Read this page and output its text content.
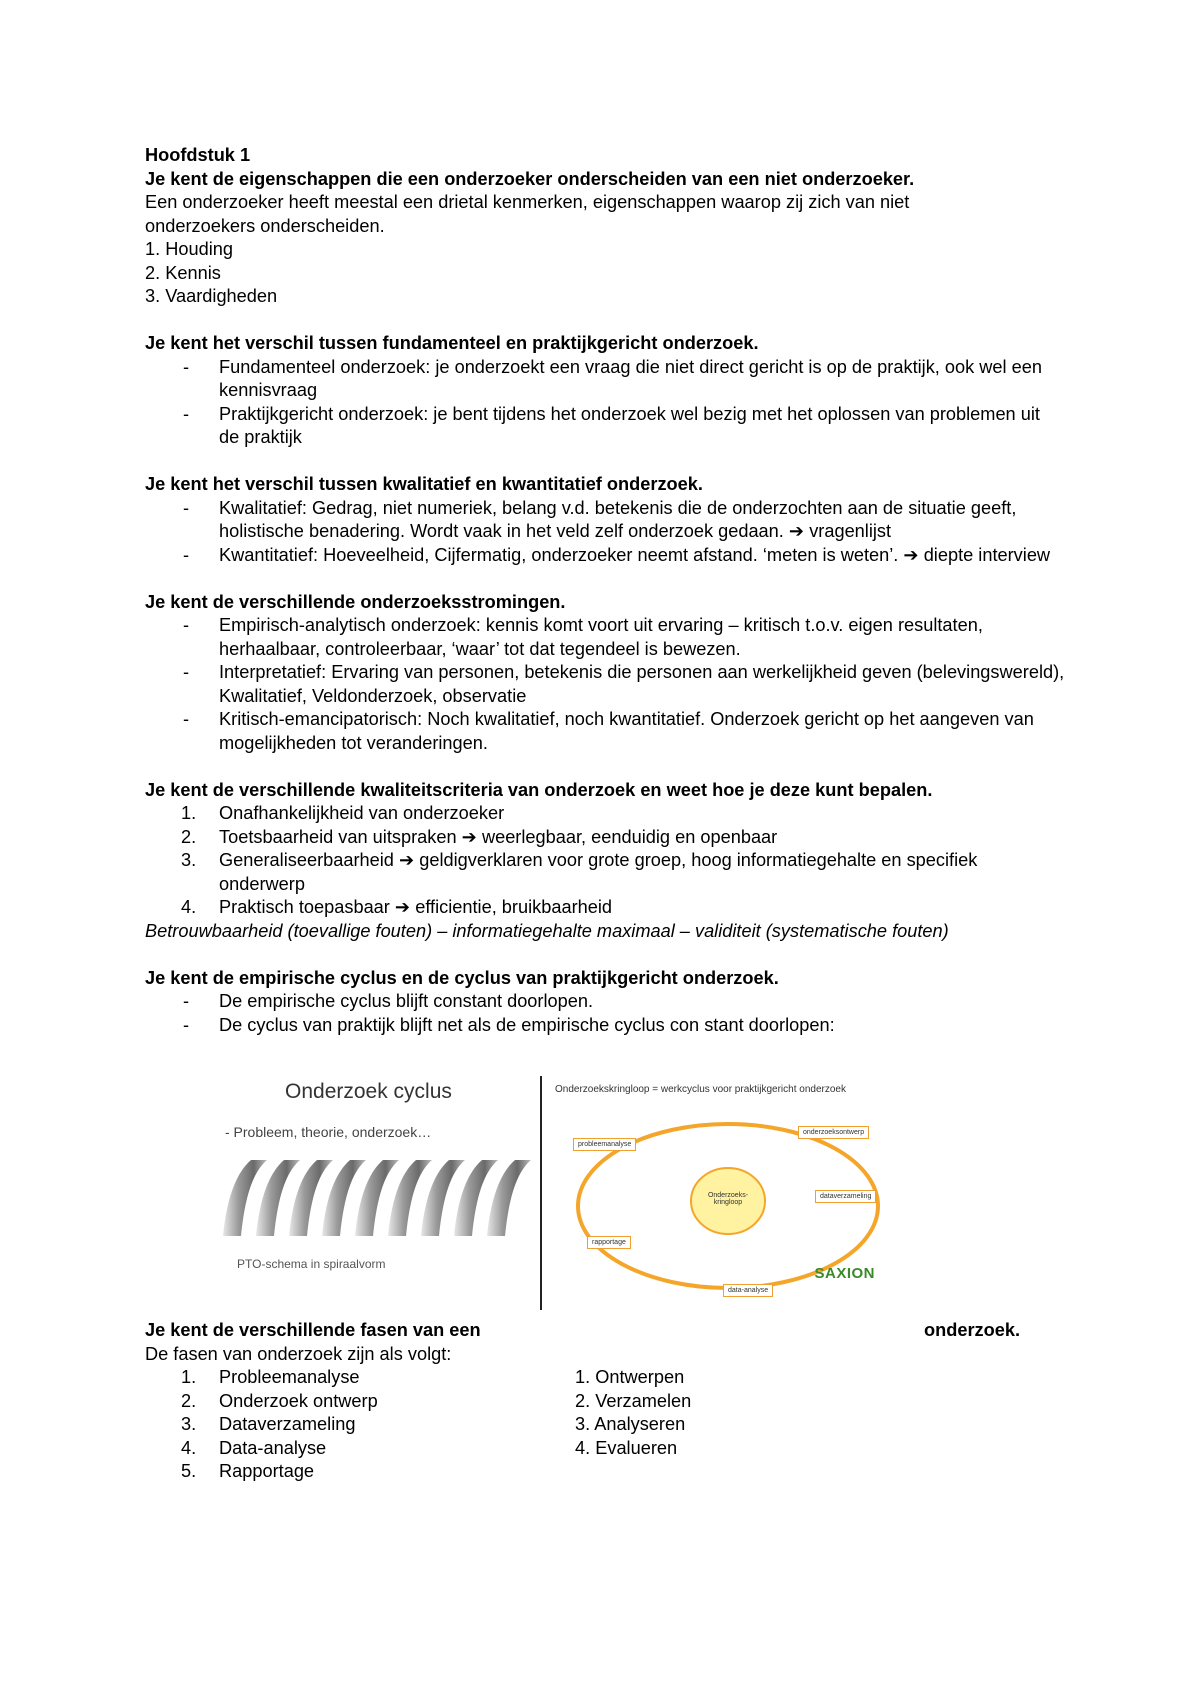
Hoofdstuk 1
Je kent de eigenschappen die een onderzoeker onderscheiden van een niet onderzoeker.
Een onderzoeker heeft meestal een drietal kenmerken, eigenschappen waarop zij zich van niet
onderzoekers onderscheiden.
1. Houding
2. Kennis
3. Vaardigheden
Je kent het verschil tussen fundamenteel en praktijkgericht onderzoek.
- Fundamenteel onderzoek: je onderzoekt een vraag die niet direct gericht is op de praktijk, ook wel een kennisvraag
- Praktijkgericht onderzoek: je bent tijdens het onderzoek wel bezig met het oplossen van problemen uit de praktijk
Je kent het verschil tussen kwalitatief en kwantitatief onderzoek.
- Kwalitatief: Gedrag, niet numeriek, belang v.d. betekenis die de onderzochten aan de situatie geeft, holistische benadering. Wordt vaak in het veld zelf onderzoek gedaan. ➔ vragenlijst
- Kwantitatief: Hoeveelheid, Cijfermatig, onderzoeker neemt afstand. ‘meten is weten’. ➔ diepte interview
Je kent de verschillende onderzoeksstromingen.
- Empirisch-analytisch onderzoek: kennis komt voort uit ervaring – kritisch t.o.v. eigen resultaten, herhaalbaar, controleerbaar, ‘waar’ tot dat tegendeel is bewezen.
- Interpretatief: Ervaring van personen, betekenis die personen aan werkelijkheid geven (belevingswereld), Kwalitatief, Veldonderzoek, observatie
- Kritisch-emancipatorisch: Noch kwalitatief, noch kwantitatief. Onderzoek gericht op het aangeven van mogelijkheden tot veranderingen.
Je kent de verschillende kwaliteitscriteria van onderzoek en weet hoe je deze kunt bepalen.
1. Onafhankelijkheid van onderzoeker
2. Toetsbaarheid van uitspraken ➔ weerlegbaar, eenduidig en openbaar
3. Generaliseerbaarheid ➔ geldigverklaren voor grote groep, hoog informatiegehalte en specifiek onderwerp
4. Praktisch toepasbaar ➔ efficientie, bruikbaarheid
Betrouwbaarheid (toevallige fouten) – informatiegehalte maximaal – validiteit (systematische fouten)
Je kent de empirische cyclus en de cyclus van praktijkgericht onderzoek.
- De empirische cyclus blijft constant doorlopen.
- De cyclus van praktijk blijft net als de empirische cyclus con stant doorlopen:
Je kent de verschillende fasen van een	onderzoek.
De fasen van onderzoek zijn als volgt:
1. Probleemanalyse
2. Onderzoek ontwerp
3. Dataverzameling
4. Data-analyse
5. Rapportage
1. Ontwerpen
2. Verzamelen
3. Analyseren
4. Evalueren
Onderzoek cyclus
- Probleem, theorie, onderzoek…
P	T	O	P	T	O	P	T	O
PTO-schema in spiraalvorm
Onderzoekskringloop = werkcyclus voor praktijkgericht onderzoek
Onderzoeks-kringloop
probleemanalyse
onderzoeksontwerp
dataverzameling
data-analyse
rapportage
SAXION
